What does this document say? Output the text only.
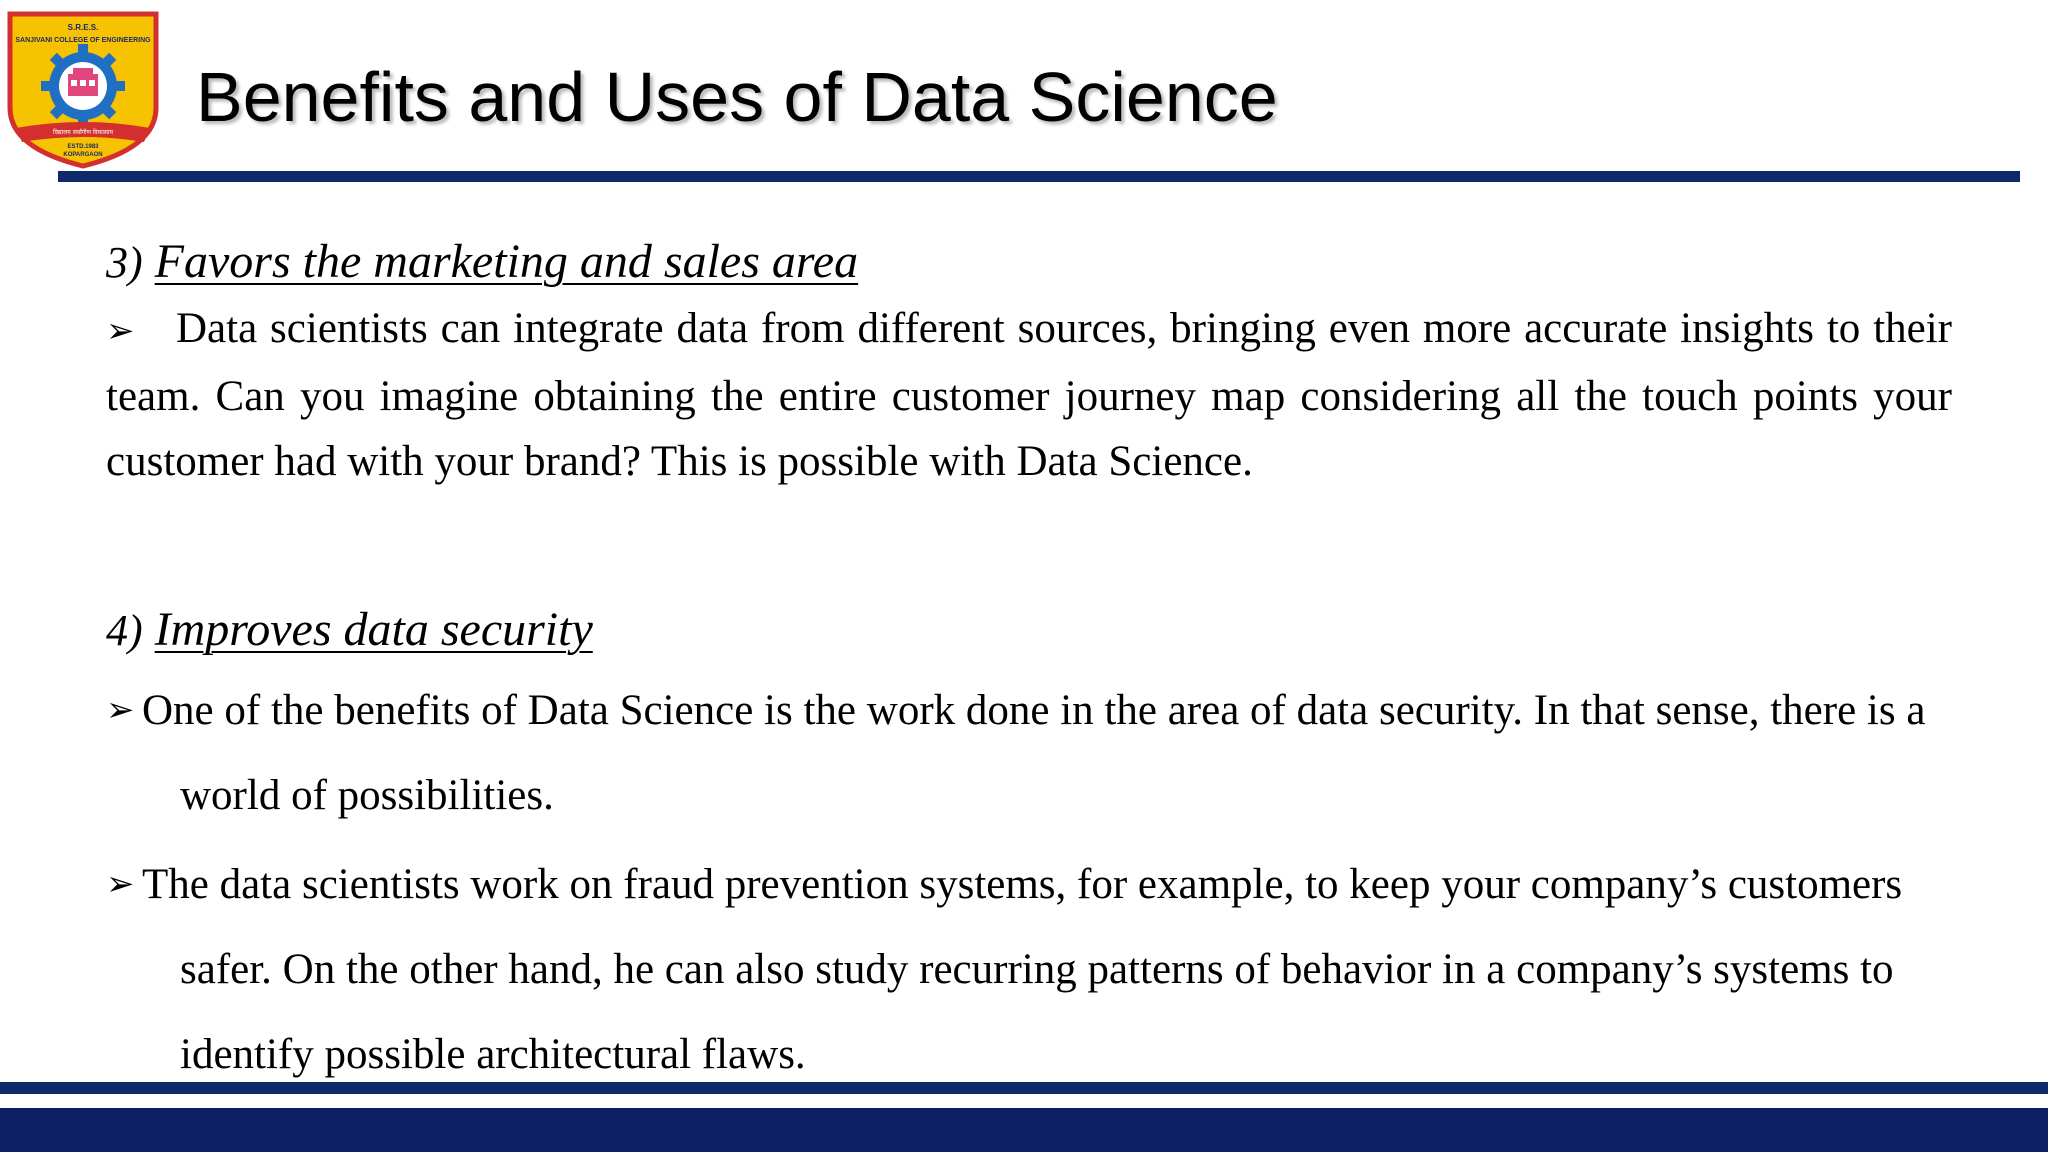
S.R.E.S.
SANJIVANI COLLEGE OF ENGINEERING
विद्यालय सर्वांगीण विकासाय
ESTD.1983
KOPARGAON
Benefits and Uses of Data Science
3) Favors the marketing and sales area

➢ Data scientists can integrate data from different sources, bringing even more accurate insights to their team. Can you imagine obtaining the entire customer journey map considering all the touch points your customer had with your brand? This is possible with Data Science.

4) Improves data security

➢ One of the benefits of Data Science is the work done in the area of data security. In that sense, there is a world of possibilities.

➢ The data scientists work on fraud prevention systems, for example, to keep your company’s customers safer. On the other hand, he can also study recurring patterns of behavior in a company’s systems to identify possible architectural flaws.
